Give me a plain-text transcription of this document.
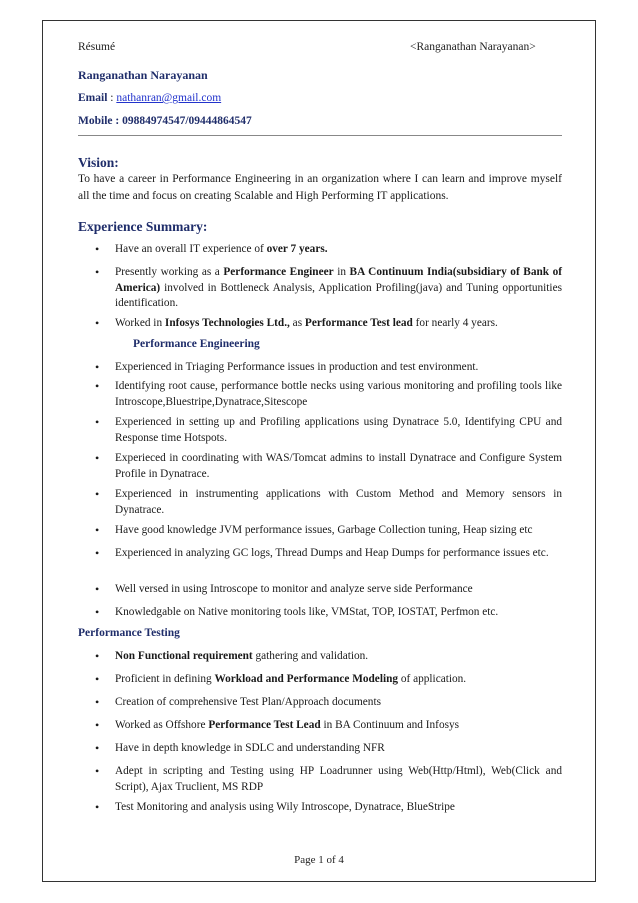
Résumé	<Ranganathan Narayanan>
Ranganathan Narayanan
Email : nathanran@gmail.com
Mobile : 09884974547/09444864547
Vision:
To have a career in Performance Engineering in an organization where I can learn and improve myself all the time and focus on creating Scalable and High Performing IT applications.
Experience Summary:
• Have an overall IT experience of over 7 years.
• Presently working as a Performance Engineer in BA Continuum India(subsidiary of Bank of America) involved in Bottleneck Analysis, Application Profiling(java) and Tuning opportunities identification.
• Worked in Infosys Technologies Ltd., as Performance Test lead for nearly 4 years.
Performance Engineering
• Experienced in Triaging Performance issues in production and test environment.
• Identifying root cause, performance bottle necks using various monitoring and profiling tools like Introscope,Bluestripe,Dynatrace,Sitescope
• Experienced in setting up and Profiling applications using Dynatrace 5.0, Identifying CPU and Response time Hotspots.
• Experieced in coordinating with WAS/Tomcat admins to install Dynatrace and Configure System Profile in Dynatrace.
• Experienced in instrumenting applications with Custom Method and Memory sensors in Dynatrace.
• Have good knowledge JVM performance issues, Garbage Collection tuning, Heap sizing etc
• Experienced in analyzing GC logs, Thread Dumps and Heap Dumps for performance issues etc.
• Well versed in using Introscope to monitor and analyze serve side Performance
• Knowledgable on Native monitoring tools like, VMStat, TOP, IOSTAT, Perfmon etc.
Performance Testing
• Non Functional requirement gathering and validation.
• Proficient in defining Workload and Performance Modeling of application.
• Creation of comprehensive Test Plan/Approach documents
• Worked as Offshore Performance Test Lead in BA Continuum and Infosys
• Have in depth knowledge in SDLC and understanding NFR
• Adept in scripting and Testing using HP Loadrunner using Web(Http/Html), Web(Click and Script), Ajax Truclient, MS RDP
• Test Monitoring and analysis using Wily Introscope, Dynatrace, BlueStripe
Page 1 of 4
